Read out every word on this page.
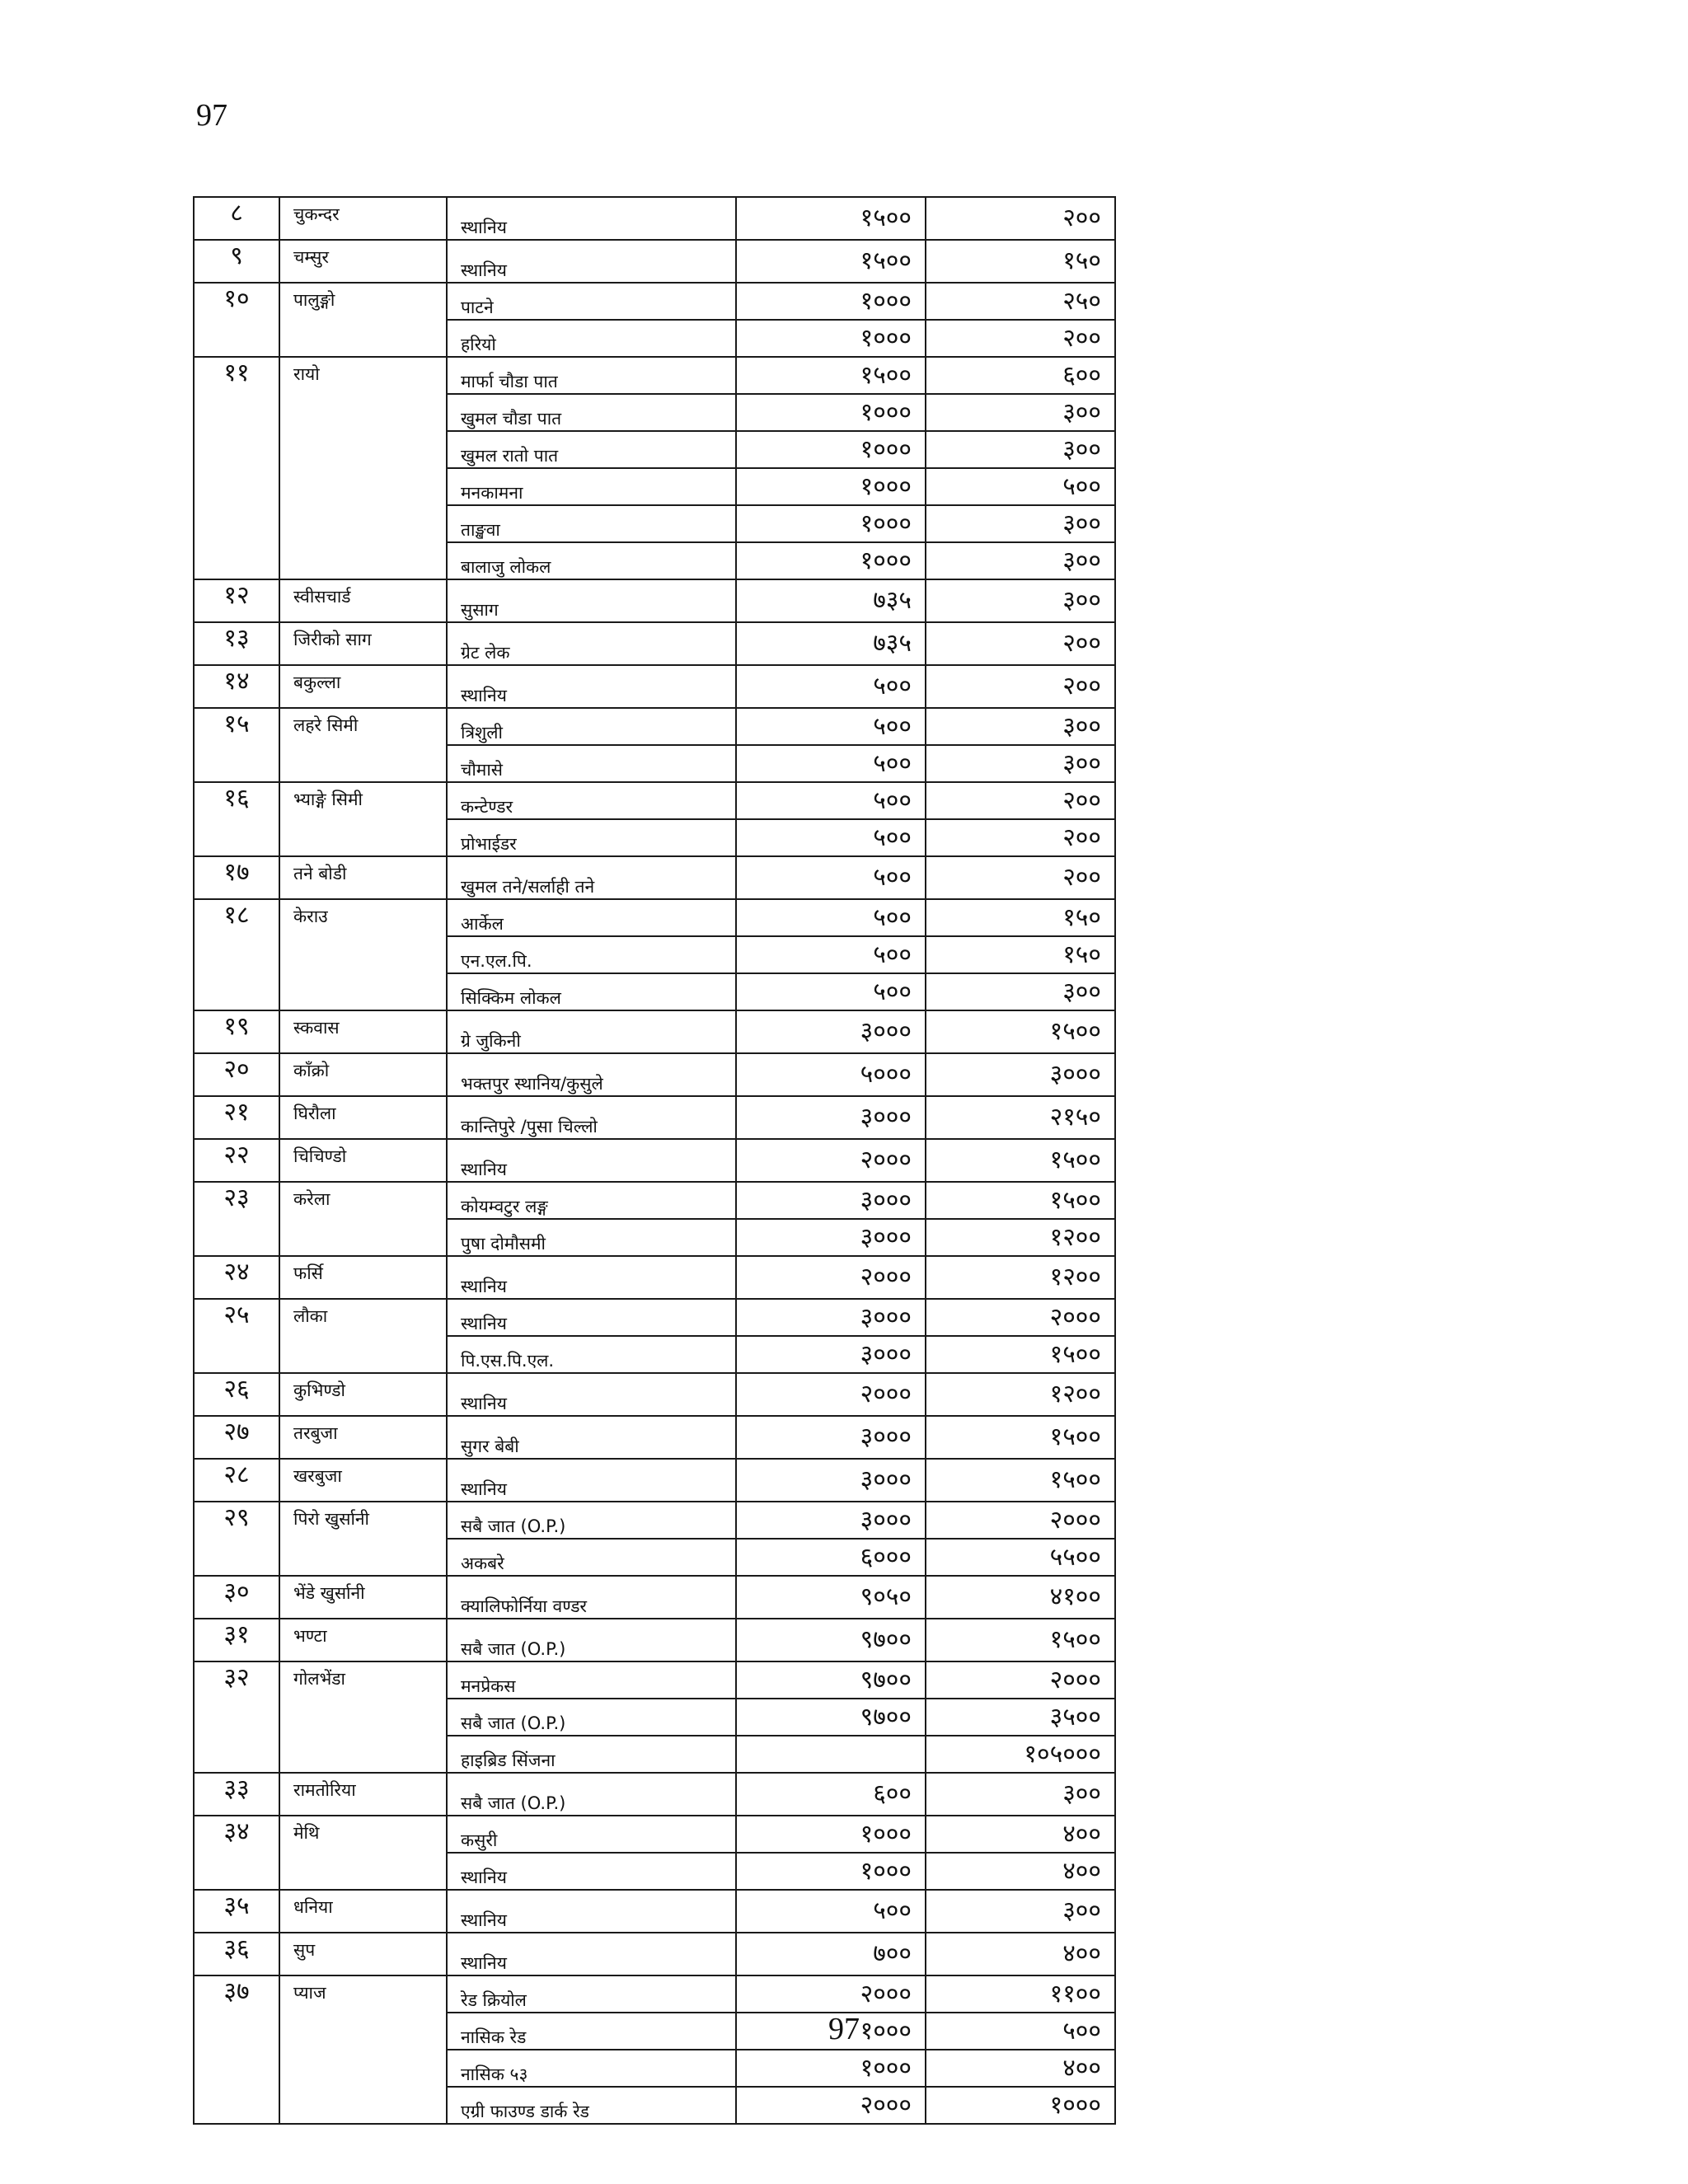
97
८	चुकन्दर	स्थानिय	१५००	२००
९	चम्सुर	स्थानिय	१५००	१५०
१०	पालुङ्गो	पाटने	१०००	२५०
		हरियो	१०००	२००
११	रायो	मार्फा चौडा पात	१५००	६००
		खुमल चौडा पात	१०००	३००
		खुमल रातो पात	१०००	३००
		मनकामना	१०००	५००
		ताङ्खवा	१०००	३००
		बालाजु लोकल	१०००	३००
१२	स्वीसचार्ड	सुसाग	७३५	३००
१३	जिरीको साग	ग्रेट लेक	७३५	२००
१४	बकुल्ला	स्थानिय	५००	२००
१५	लहरे सिमी	त्रिशुली	५००	३००
		चौमासे	५००	३००
१६	भ्याङ्गे सिमी	कन्टेण्डर	५००	२००
		प्रोभाईडर	५००	२००
१७	तने बोडी	खुमल तने/सर्लाही तने	५००	२००
१८	केराउ	आर्केल	५००	१५०
		एन.एल.पि.	५००	१५०
		सिक्किम लोकल	५००	३००
१९	स्कवास	ग्रे जुकिनी	३०००	१५००
२०	काँक्रो	भक्तपुर स्थानिय/कुसुले	५०००	३०००
२१	घिरौला	कान्तिपुरे /पुसा चिल्लो	३०००	२१५०
२२	चिचिण्डो	स्थानिय	२०००	१५००
२३	करेला	कोयम्वटुर लङ्ग	३०००	१५००
		पुषा दोमौसमी	३०००	१२००
२४	फर्सि	स्थानिय	२०००	१२००
२५	लौका	स्थानिय	३०००	२०००
		पि.एस.पि.एल.	३०००	१५००
२६	कुभिण्डो	स्थानिय	२०००	१२००
२७	तरबुजा	सुगर बेबी	३०००	१५००
२८	खरबुजा	स्थानिय	३०००	१५००
२९	पिरो खुर्सानी	सबै जात (O.P.)	३०००	२०००
		अकबरे	६०००	५५००
३०	भेंडे खुर्सानी	क्यालिफोर्निया वण्डर	९०५०	४१००
३१	भण्टा	सबै जात (O.P.)	९७००	१५००
३२	गोलभेंडा	मनप्रेकस	९७००	२०००
		सबै जात (O.P.)	९७००	३५००
		हाइब्रिड सिंजना		१०५०००
३३	रामतोरिया	सबै जात (O.P.)	६००	३००
३४	मेथि	कसुरी	१०००	४००
		स्थानिय	१०००	४००
३५	धनिया	स्थानिय	५००	३००
३६	सुप	स्थानिय	७००	४००
३७	प्याज	रेड क्रियोल	२०००	११००
		नासिक रेड	१०००	५००
		नासिक ५३	१०००	४००
		एग्री फाउण्ड डार्क रेड	२०००	१०००
97
